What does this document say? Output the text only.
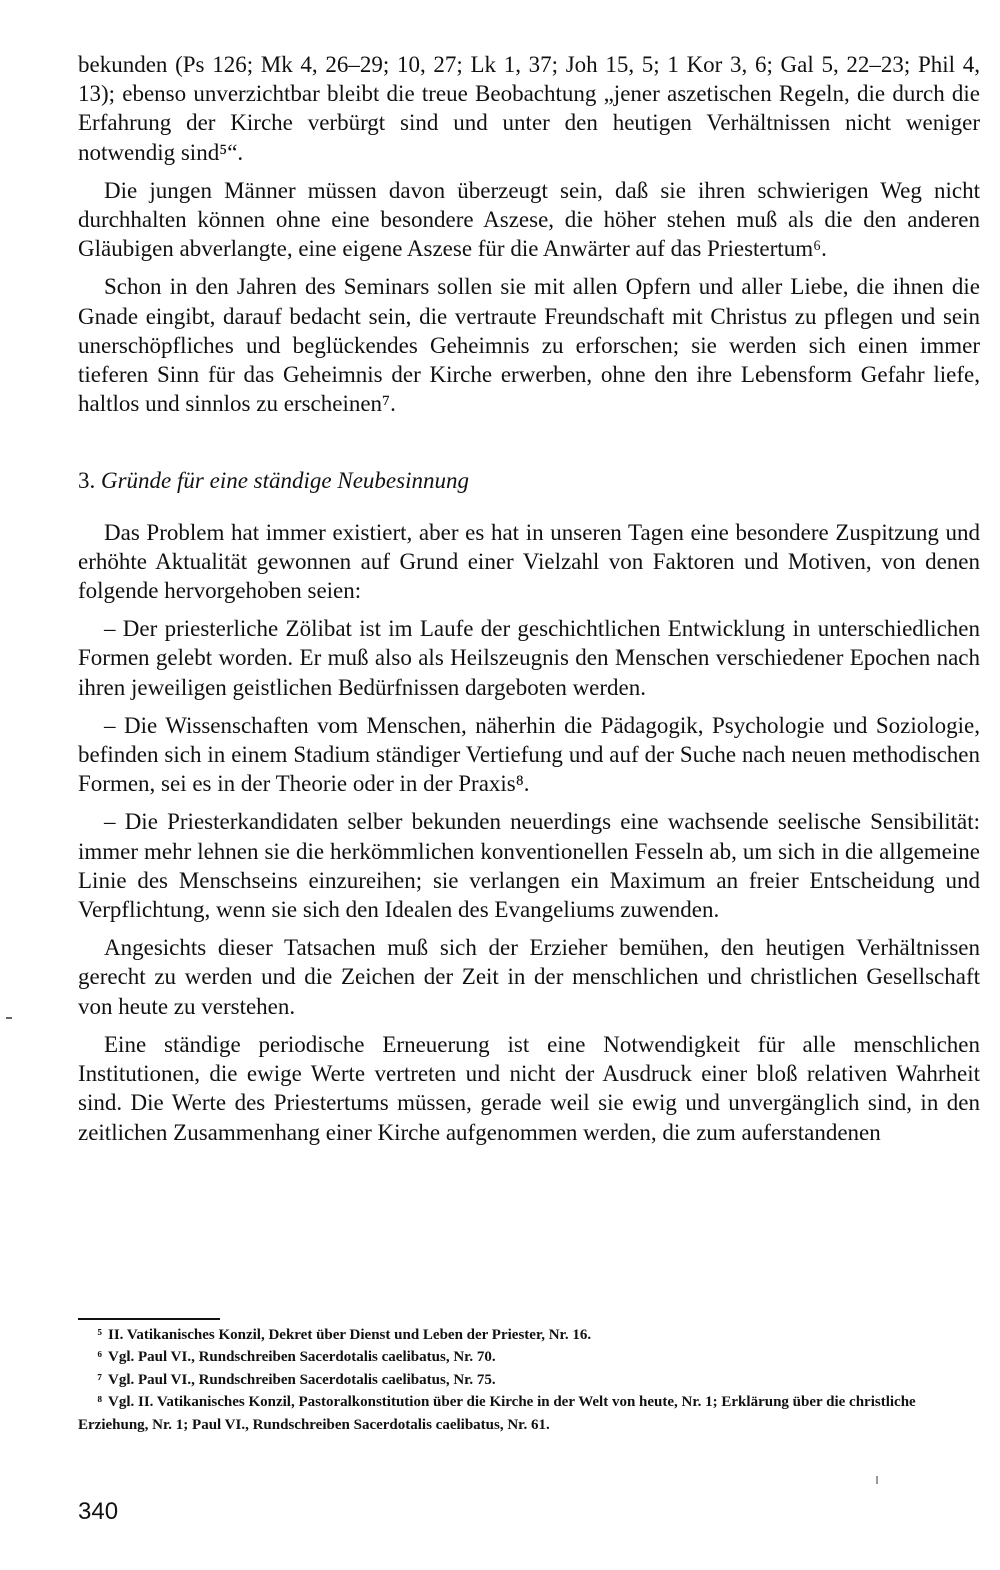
bekunden (Ps 126; Mk 4, 26–29; 10, 27; Lk 1, 37; Joh 15, 5; 1 Kor 3, 6; Gal 5, 22–23; Phil 4, 13); ebenso unverzichtbar bleibt die treue Beobachtung „jener aszetischen Regeln, die durch die Erfahrung der Kirche verbürgt sind und unter den heutigen Verhältnissen nicht weniger notwendig sind⁵“.

Die jungen Männer müssen davon überzeugt sein, daß sie ihren schwierigen Weg nicht durchhalten können ohne eine besondere Aszese, die höher stehen muß als die den anderen Gläubigen abverlangte, eine eigene Aszese für die Anwärter auf das Priestertum⁶.

Schon in den Jahren des Seminars sollen sie mit allen Opfern und aller Liebe, die ihnen die Gnade eingibt, darauf bedacht sein, die vertraute Freundschaft mit Christus zu pflegen und sein unerschöpfliches und beglückendes Geheimnis zu erforschen; sie werden sich einen immer tieferen Sinn für das Geheimnis der Kirche erwerben, ohne den ihre Lebensform Gefahr liefe, haltlos und sinnlos zu erscheinen⁷.

3. Gründe für eine ständige Neubesinnung

Das Problem hat immer existiert, aber es hat in unseren Tagen eine besondere Zuspitzung und erhöhte Aktualität gewonnen auf Grund einer Vielzahl von Faktoren und Motiven, von denen folgende hervorgehoben seien:

– Der priesterliche Zölibat ist im Laufe der geschichtlichen Entwicklung in unterschiedlichen Formen gelebt worden. Er muß also als Heilszeugnis den Menschen verschiedener Epochen nach ihren jeweiligen geistlichen Bedürfnissen dargeboten werden.

– Die Wissenschaften vom Menschen, näherhin die Pädagogik, Psychologie und Soziologie, befinden sich in einem Stadium ständiger Vertiefung und auf der Suche nach neuen methodischen Formen, sei es in der Theorie oder in der Praxis⁸.

– Die Priesterkandidaten selber bekunden neuerdings eine wachsende seelische Sensibilität: immer mehr lehnen sie die herkömmlichen konventionellen Fesseln ab, um sich in die allgemeine Linie des Menschseins einzureihen; sie verlangen ein Maximum an freier Entscheidung und Verpflichtung, wenn sie sich den Idealen des Evangeliums zuwenden.

Angesichts dieser Tatsachen muß sich der Erzieher bemühen, den heutigen Verhältnissen gerecht zu werden und die Zeichen der Zeit in der menschlichen und christlichen Gesellschaft von heute zu verstehen.

Eine ständige periodische Erneuerung ist eine Notwendigkeit für alle menschlichen Institutionen, die ewige Werte vertreten und nicht der Ausdruck einer bloß relativen Wahrheit sind. Die Werte des Priestertums müssen, gerade weil sie ewig und unvergänglich sind, in den zeitlichen Zusammenhang einer Kirche aufgenommen werden, die zum auferstandenen

⁵ II. Vatikanisches Konzil, Dekret über Dienst und Leben der Priester, Nr. 16.

⁶ Vgl. Paul VI., Rundschreiben Sacerdotalis caelibatus, Nr. 70.

⁷ Vgl. Paul VI., Rundschreiben Sacerdotalis caelibatus, Nr. 75.

⁸ Vgl. II. Vatikanisches Konzil, Pastoralkonstitution über die Kirche in der Welt von heute, Nr. 1; Erklärung über die christliche Erziehung, Nr. 1; Paul VI., Rundschreiben Sacerdotalis caelibatus, Nr. 61.

340
